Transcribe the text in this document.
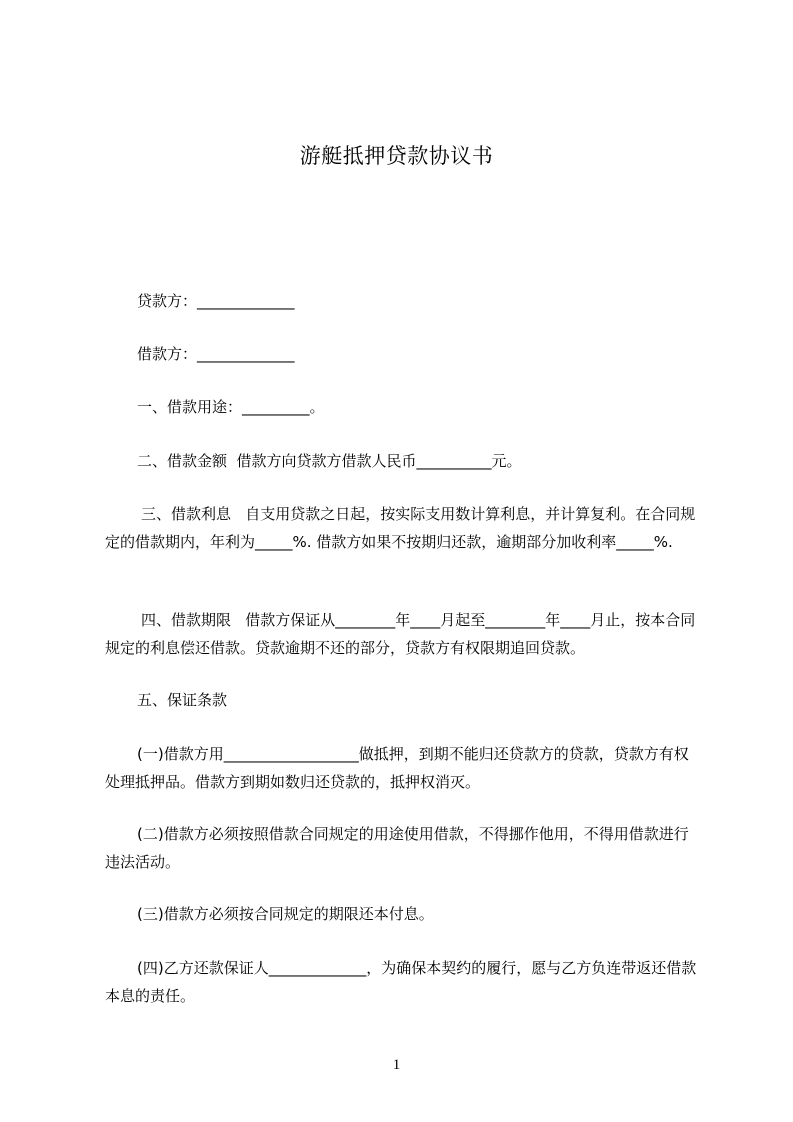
游艇抵押贷款协议书
贷款方：_____________
借款方：_____________
一、借款用途：_________。
二、借款金额  借款方向贷款方借款人民币__________元。
三、借款利息   自支用贷款之日起，按实际支用数计算利息，并计算复利。在合同规定的借款期内，年利为_____%. 借款方如果不按期归还款，逾期部分加收利率_____%.
四、借款期限   借款方保证从________年____月起至________年____月止，按本合同规定的利息偿还借款。贷款逾期不还的部分，贷款方有权限期追回贷款。
五、保证条款
(一)借款方用__________________做抵押，到期不能归还贷款方的贷款，贷款方有权处理抵押品。借款方到期如数归还贷款的，抵押权消灭。
(二)借款方必须按照借款合同规定的用途使用借款，不得挪作他用，不得用借款进行违法活动。
(三)借款方必须按合同规定的期限还本付息。
(四)乙方还款保证人_____________，为确保本契约的履行，愿与乙方负连带返还借款本息的责任。
1
